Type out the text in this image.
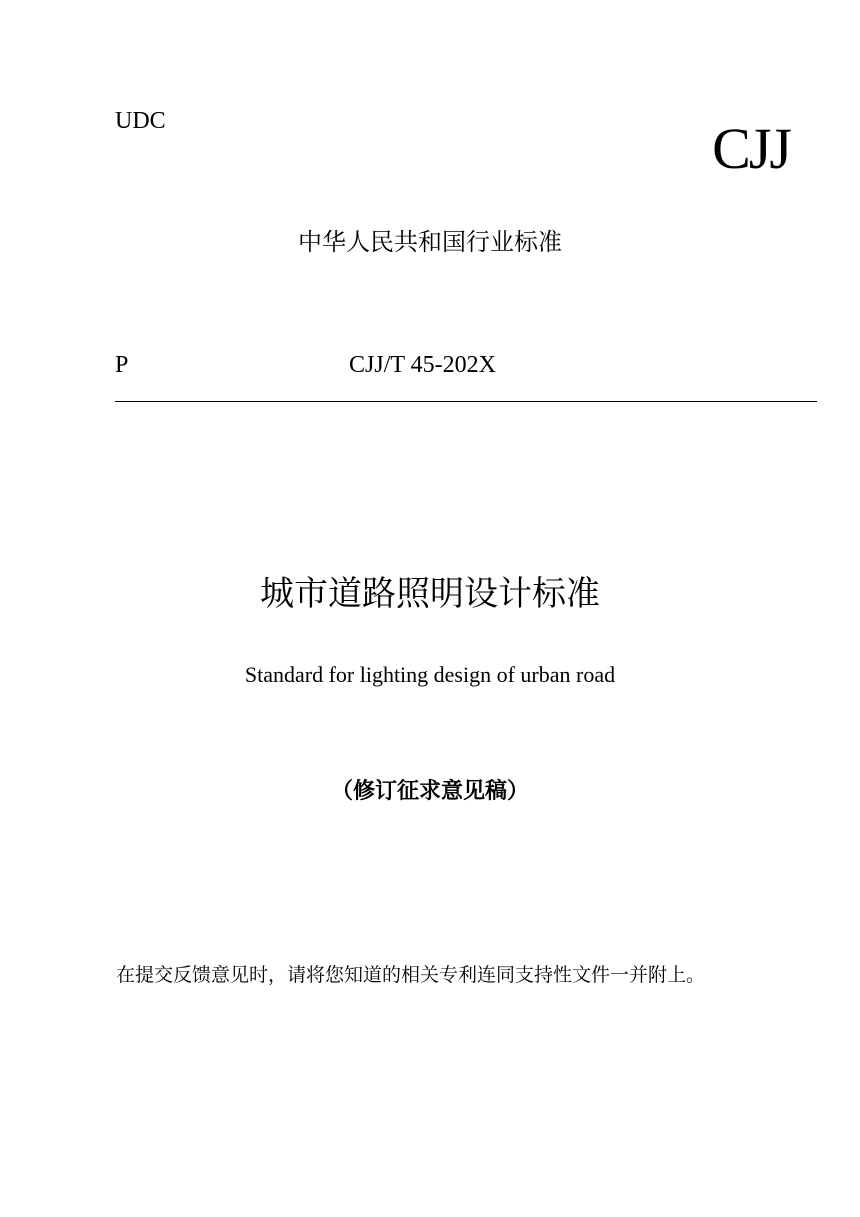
UDC	CJJ
中华人民共和国行业标准
P	CJJ/T 45-202X
城市道路照明设计标准
Standard for lighting design of urban road
（修订征求意见稿）
在提交反馈意见时，请将您知道的相关专利连同支持性文件一并附上。
